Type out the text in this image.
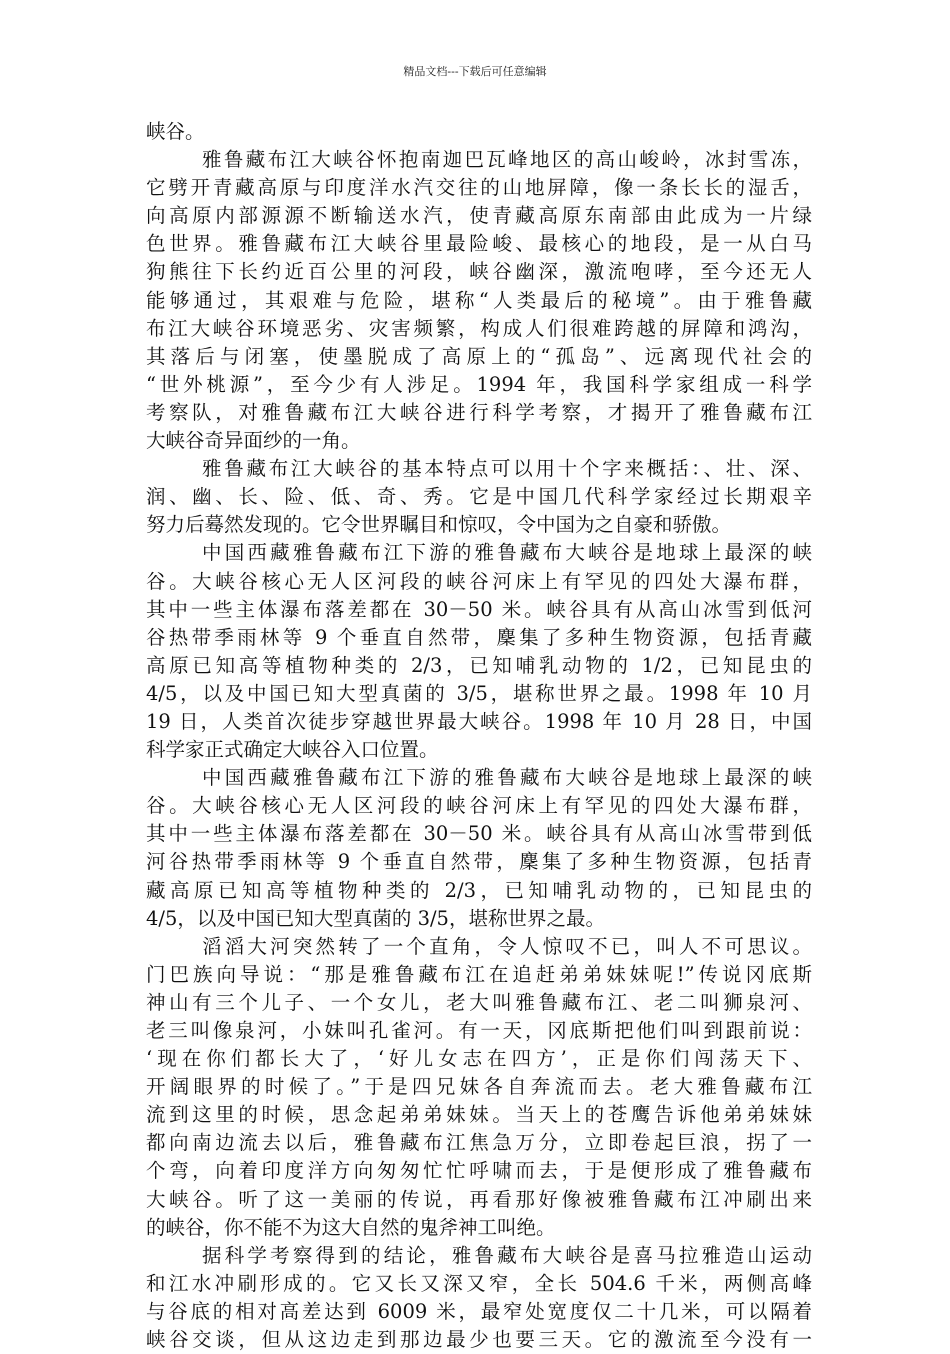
精品文档---下载后可任意编辑
峡谷。
雅鲁藏布江大峡谷怀抱南迦巴瓦峰地区的高山峻岭，冰封雪冻，
它劈开青藏高原与印度洋水汽交往的山地屏障，像一条长长的湿舌，
向高原内部源源不断输送水汽，使青藏高原东南部由此成为一片绿
色世界。雅鲁藏布江大峡谷里最险峻、最核心的地段，是一从白马
狗熊往下长约近百公里的河段，峡谷幽深，激流咆哮，至今还无人
能够通过，其艰难与危险，堪称“人类最后的秘境”。由于雅鲁藏
布江大峡谷环境恶劣、灾害频繁，构成人们很难跨越的屏障和鸿沟，
其落后与闭塞，使墨脱成了高原上的“孤岛”、远离现代社会的
“世外桃源”，至今少有人涉足。1994 年，我国科学家组成一科学
考察队，对雅鲁藏布江大峡谷进行科学考察，才揭开了雅鲁藏布江
大峡谷奇异面纱的一角。
雅鲁藏布江大峡谷的基本特点可以用十个字来概括：、壮、深、
润、幽、长、险、低、奇、秀。它是中国几代科学家经过长期艰辛
努力后蓦然发现的。它令世界瞩目和惊叹，令中国为之自豪和骄傲。
中国西藏雅鲁藏布江下游的雅鲁藏布大峡谷是地球上最深的峡
谷。大峡谷核心无人区河段的峡谷河床上有罕见的四处大瀑布群，
其中一些主体瀑布落差都在 30－50 米。峡谷具有从高山冰雪到低河
谷热带季雨林等 9 个垂直自然带，麇集了多种生物资源，包括青藏
高原已知高等植物种类的 2/3，已知哺乳动物的 1/2，已知昆虫的
4/5，以及中国已知大型真菌的 3/5，堪称世界之最。1998 年 10 月
19 日，人类首次徒步穿越世界最大峡谷。1998 年 10 月 28 日，中国
科学家正式确定大峡谷入口位置。
中国西藏雅鲁藏布江下游的雅鲁藏布大峡谷是地球上最深的峡
谷。大峡谷核心无人区河段的峡谷河床上有罕见的四处大瀑布群，
其中一些主体瀑布落差都在 30－50 米。峡谷具有从高山冰雪带到低
河谷热带季雨林等 9 个垂直自然带，麇集了多种生物资源，包括青
藏高原已知高等植物种类的 2/3，已知哺乳动物的，已知昆虫的
4/5，以及中国已知大型真菌的 3/5，堪称世界之最。
滔滔大河突然转了一个直角，令人惊叹不已，叫人不可思议。
门巴族向导说：“那是雅鲁藏布江在追赶弟弟妹妹呢!”传说冈底斯
神山有三个儿子、一个女儿，老大叫雅鲁藏布江、老二叫狮泉河、
老三叫像泉河，小妹叫孔雀河。有一天，冈底斯把他们叫到跟前说：
‘现在你们都长大了，‘好儿女志在四方’，正是你们闯荡天下、
开阔眼界的时候了。”于是四兄妹各自奔流而去。老大雅鲁藏布江
流到这里的时候，思念起弟弟妹妹。当天上的苍鹰告诉他弟弟妹妹
都向南边流去以后，雅鲁藏布江焦急万分，立即卷起巨浪，拐了一
个弯，向着印度洋方向匆匆忙忙呼啸而去，于是便形成了雅鲁藏布
大峡谷。听了这一美丽的传说，再看那好像被雅鲁藏布江冲刷出来
的峡谷，你不能不为这大自然的鬼斧神工叫绝。
据科学考察得到的结论，雅鲁藏布大峡谷是喜马拉雅造山运动
和江水冲刷形成的。它又长又深又窄，全长 504.6 千米，两侧高峰
与谷底的相对高差达到 6009 米，最窄处宽度仅二十几米，可以隔着
峡谷交谈，但从这边走到那边最少也要三天。它的激流至今没有一
